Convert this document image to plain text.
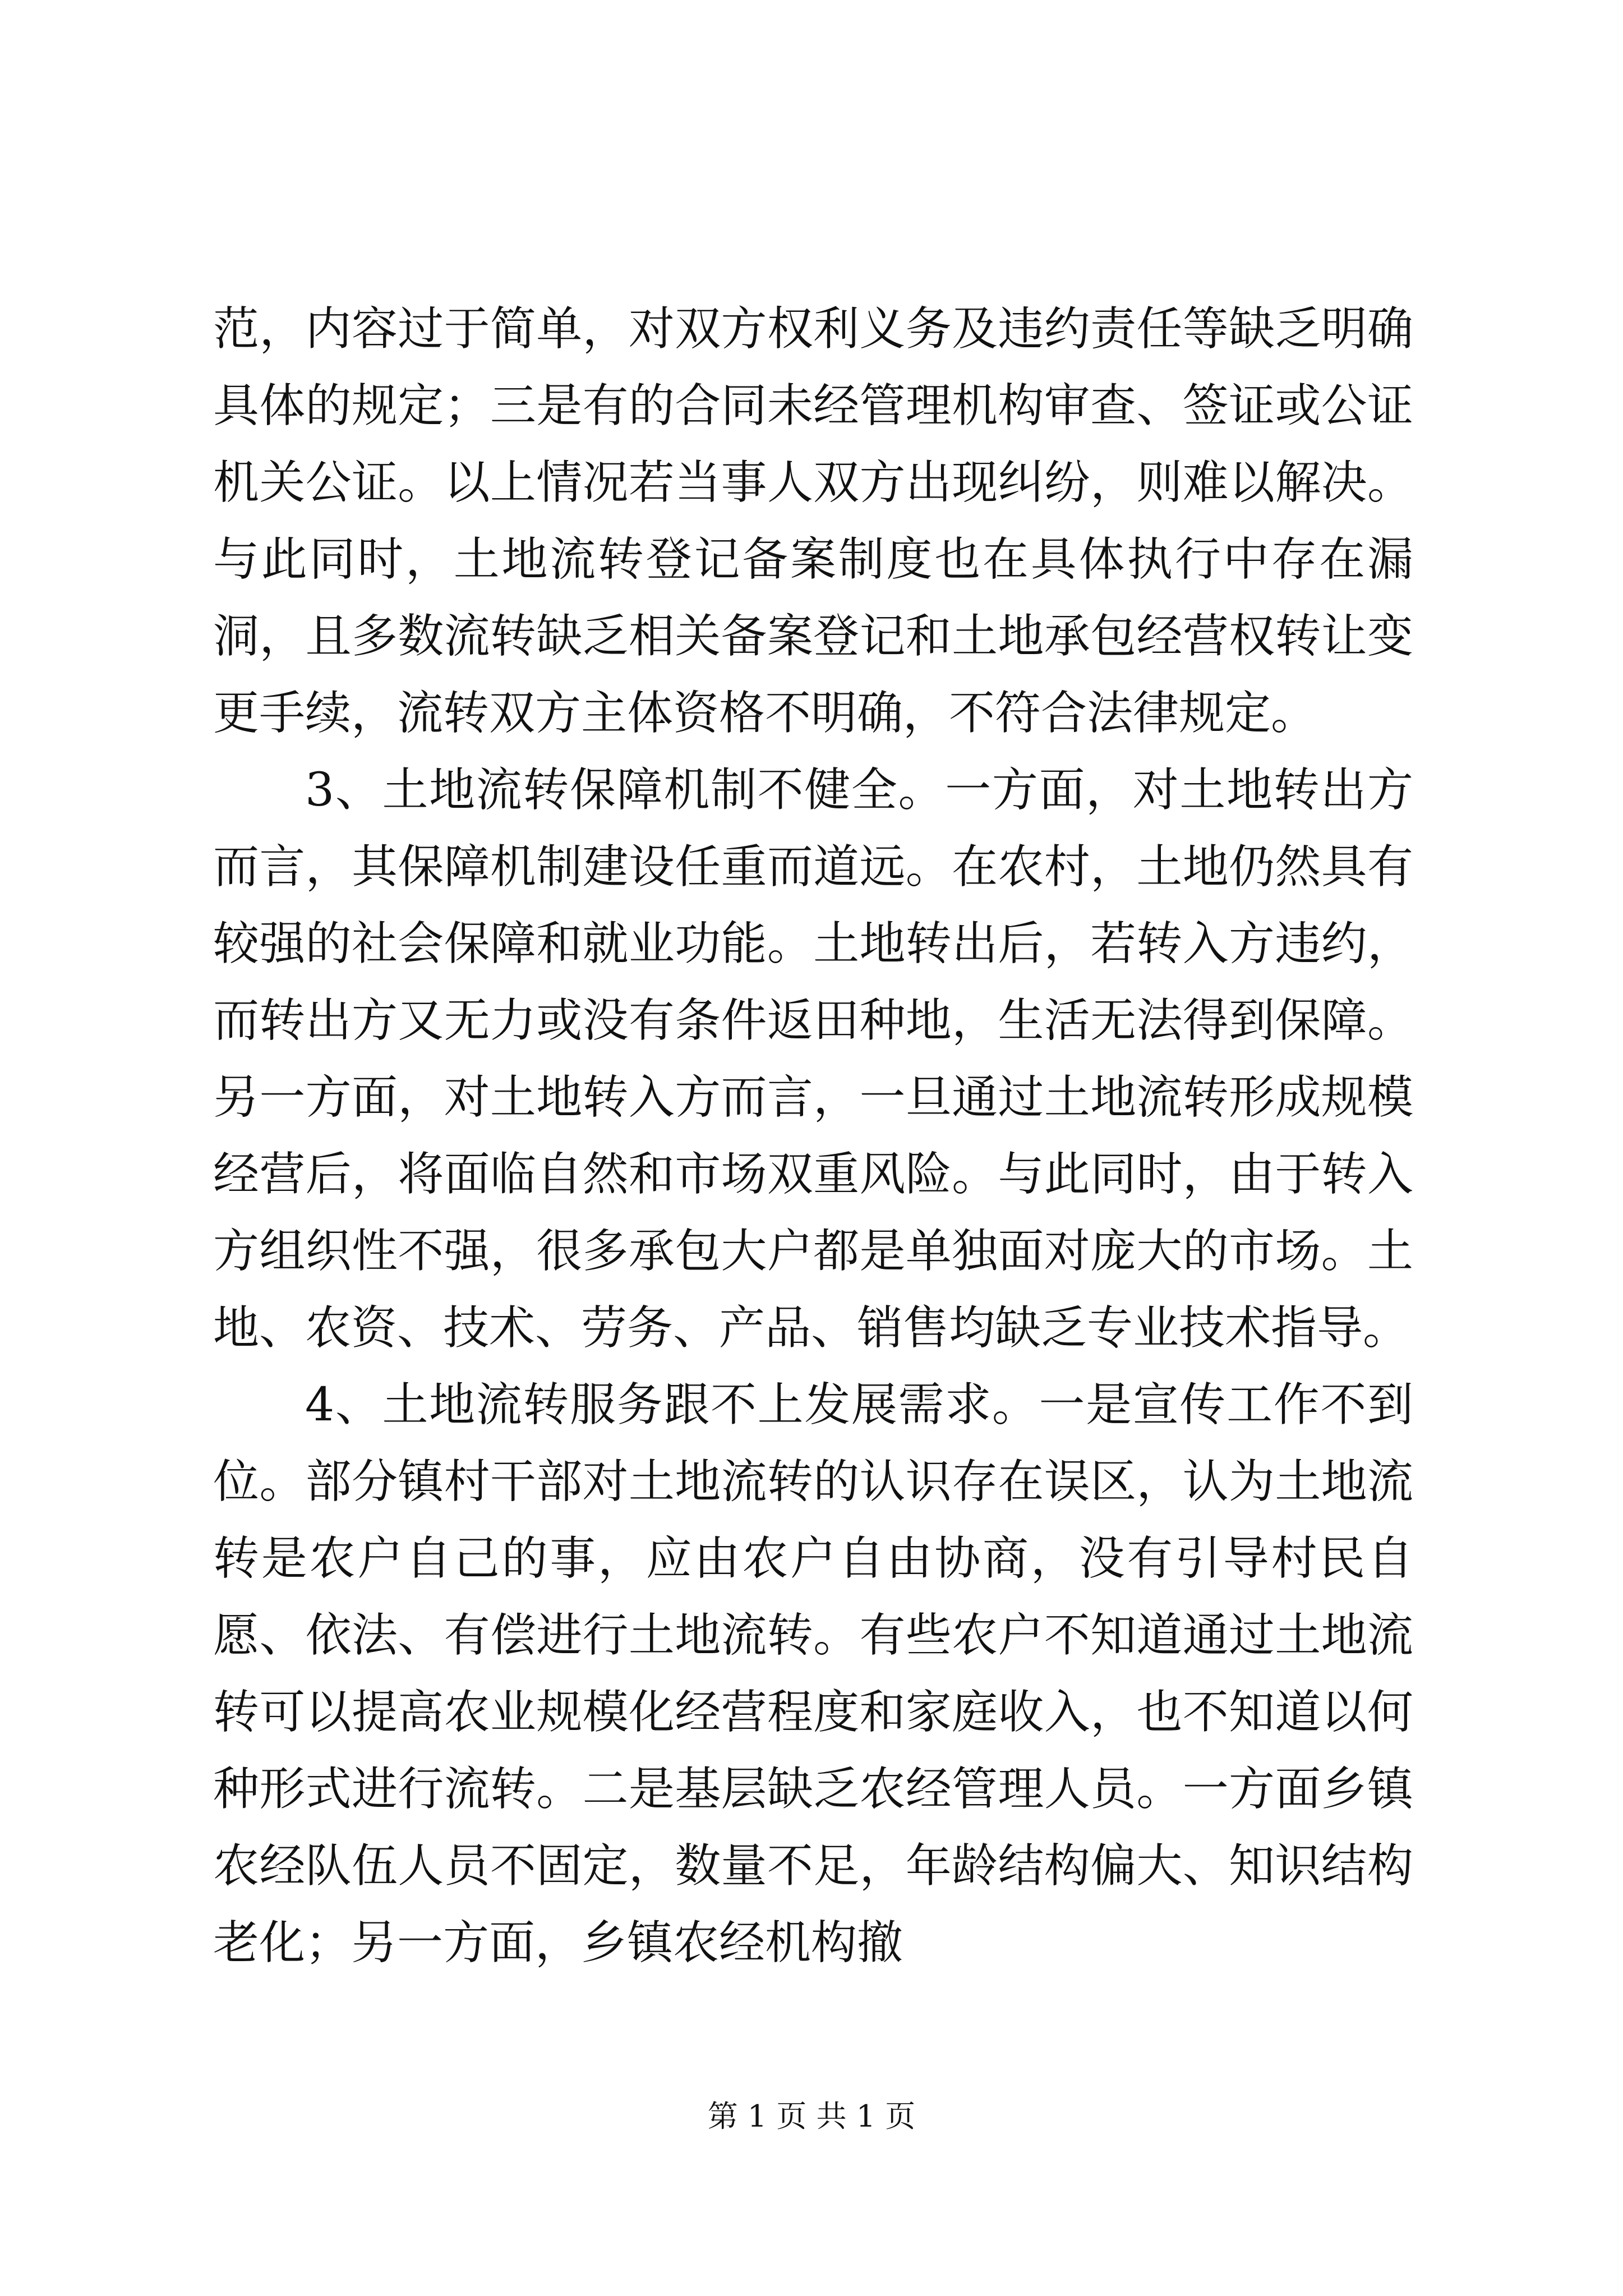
范，内容过于简单，对双方权利义务及违约责任等缺乏明确具体的规定；三是有的合同未经管理机构审查、签证或公证机关公证。以上情况若当事人双方出现纠纷，则难以解决。与此同时，土地流转登记备案制度也在具体执行中存在漏洞，且多数流转缺乏相关备案登记和土地承包经营权转让变更手续，流转双方主体资格不明确，不符合法律规定。

3、土地流转保障机制不健全。一方面，对土地转出方而言，其保障机制建设任重而道远。在农村，土地仍然具有较强的社会保障和就业功能。土地转出后，若转入方违约，而转出方又无力或没有条件返田种地，生活无法得到保障。另一方面，对土地转入方而言，一旦通过土地流转形成规模经营后，将面临自然和市场双重风险。与此同时，由于转入方组织性不强，很多承包大户都是单独面对庞大的市场。土地、农资、技术、劳务、产品、销售均缺乏专业技术指导。

4、土地流转服务跟不上发展需求。一是宣传工作不到位。部分镇村干部对土地流转的认识存在误区，认为土地流转是农户自己的事，应由农户自由协商，没有引导村民自愿、依法、有偿进行土地流转。有些农户不知道通过土地流转可以提高农业规模化经营程度和家庭收入，也不知道以何种形式进行流转。二是基层缺乏农经管理人员。一方面乡镇农经队伍人员不固定，数量不足，年龄结构偏大、知识结构老化；另一方面，乡镇农经机构撤

第 1 页 共 1 页
